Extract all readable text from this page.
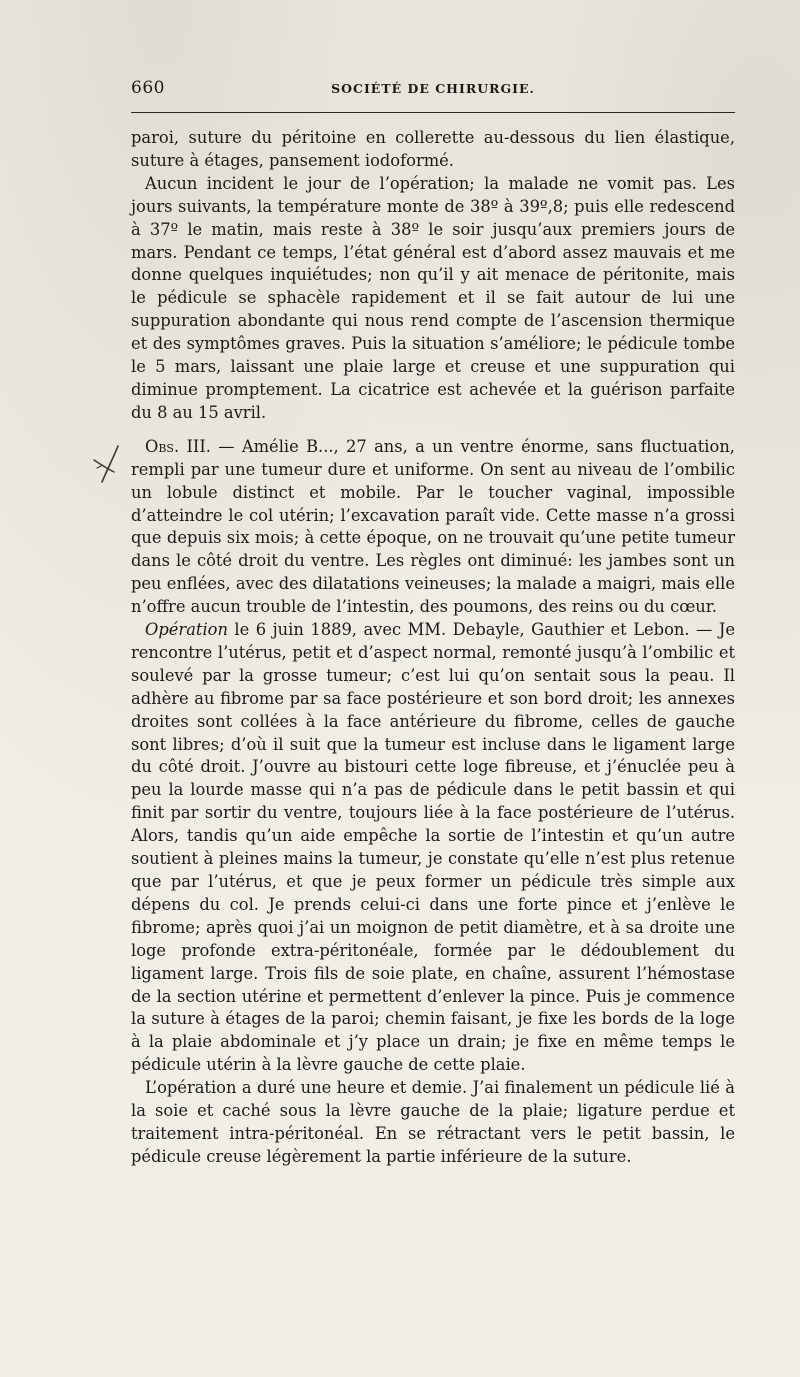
660	SOCIÉTÉ DE CHIRURGIE.

paroi, suture du péritoine en collerette au-dessous du lien élastique, suture à étages, pansement iodoformé.

Aucun incident le jour de l’opération; la malade ne vomit pas. Les jours suivants, la température monte de 38º à 39º,8; puis elle redescend à 37º le matin, mais reste à 38º le soir jusqu’aux premiers jours de mars. Pendant ce temps, l’état général est d’abord assez mauvais et me donne quelques inquiétudes; non qu’il y ait menace de péritonite, mais le pédicule se sphacèle rapidement et il se fait autour de lui une suppuration abondante qui nous rend compte de l’ascension thermique et des symptômes graves. Puis la situation s’améliore; le pédicule tombe le 5 mars, laissant une plaie large et creuse et une suppuration qui diminue promptement. La cicatrice est achevée et la guérison parfaite du 8 au 15 avril.

Obs. III. — Amélie B..., 27 ans, a un ventre énorme, sans fluctuation, rempli par une tumeur dure et uniforme. On sent au niveau de l’ombilic un lobule distinct et mobile. Par le toucher vaginal, impossible d’atteindre le col utérin; l’excavation paraît vide. Cette masse n’a grossi que depuis six mois; à cette époque, on ne trouvait qu’une petite tumeur dans le côté droit du ventre. Les règles ont diminué: les jambes sont un peu enflées, avec des dilatations veineuses; la malade a maigri, mais elle n’offre aucun trouble de l’intestin, des poumons, des reins ou du cœur.

Opération le 6 juin 1889, avec MM. Debayle, Gauthier et Lebon. — Je rencontre l’utérus, petit et d’aspect normal, remonté jusqu’à l’ombilic et soulevé par la grosse tumeur; c’est lui qu’on sentait sous la peau. Il adhère au fibrome par sa face postérieure et son bord droit; les annexes droites sont collées à la face antérieure du fibrome, celles de gauche sont libres; d’où il suit que la tumeur est incluse dans le ligament large du côté droit. J’ouvre au bistouri cette loge fibreuse, et j’énuclée peu à peu la lourde masse qui n’a pas de pédicule dans le petit bassin et qui finit par sortir du ventre, toujours liée à la face postérieure de l’utérus. Alors, tandis qu’un aide empêche la sortie de l’intestin et qu’un autre soutient à pleines mains la tumeur, je constate qu’elle n’est plus retenue que par l’utérus, et que je peux former un pédicule très simple aux dépens du col. Je prends celui-ci dans une forte pince et j’enlève le fibrome; après quoi j’ai un moignon de petit diamètre, et à sa droite une loge profonde extra-péritonéale, formée par le dédoublement du ligament large. Trois fils de soie plate, en chaîne, assurent l’hémostase de la section utérine et permettent d’enlever la pince. Puis je commence la suture à étages de la paroi; chemin faisant, je fixe les bords de la loge à la plaie abdominale et j’y place un drain; je fixe en même temps le pédicule utérin à la lèvre gauche de cette plaie.

L’opération a duré une heure et demie. J’ai finalement un pédicule lié à la soie et caché sous la lèvre gauche de la plaie; ligature perdue et traitement intra-péritonéal. En se rétractant vers le petit bassin, le pédicule creuse légèrement la partie inférieure de la suture.
